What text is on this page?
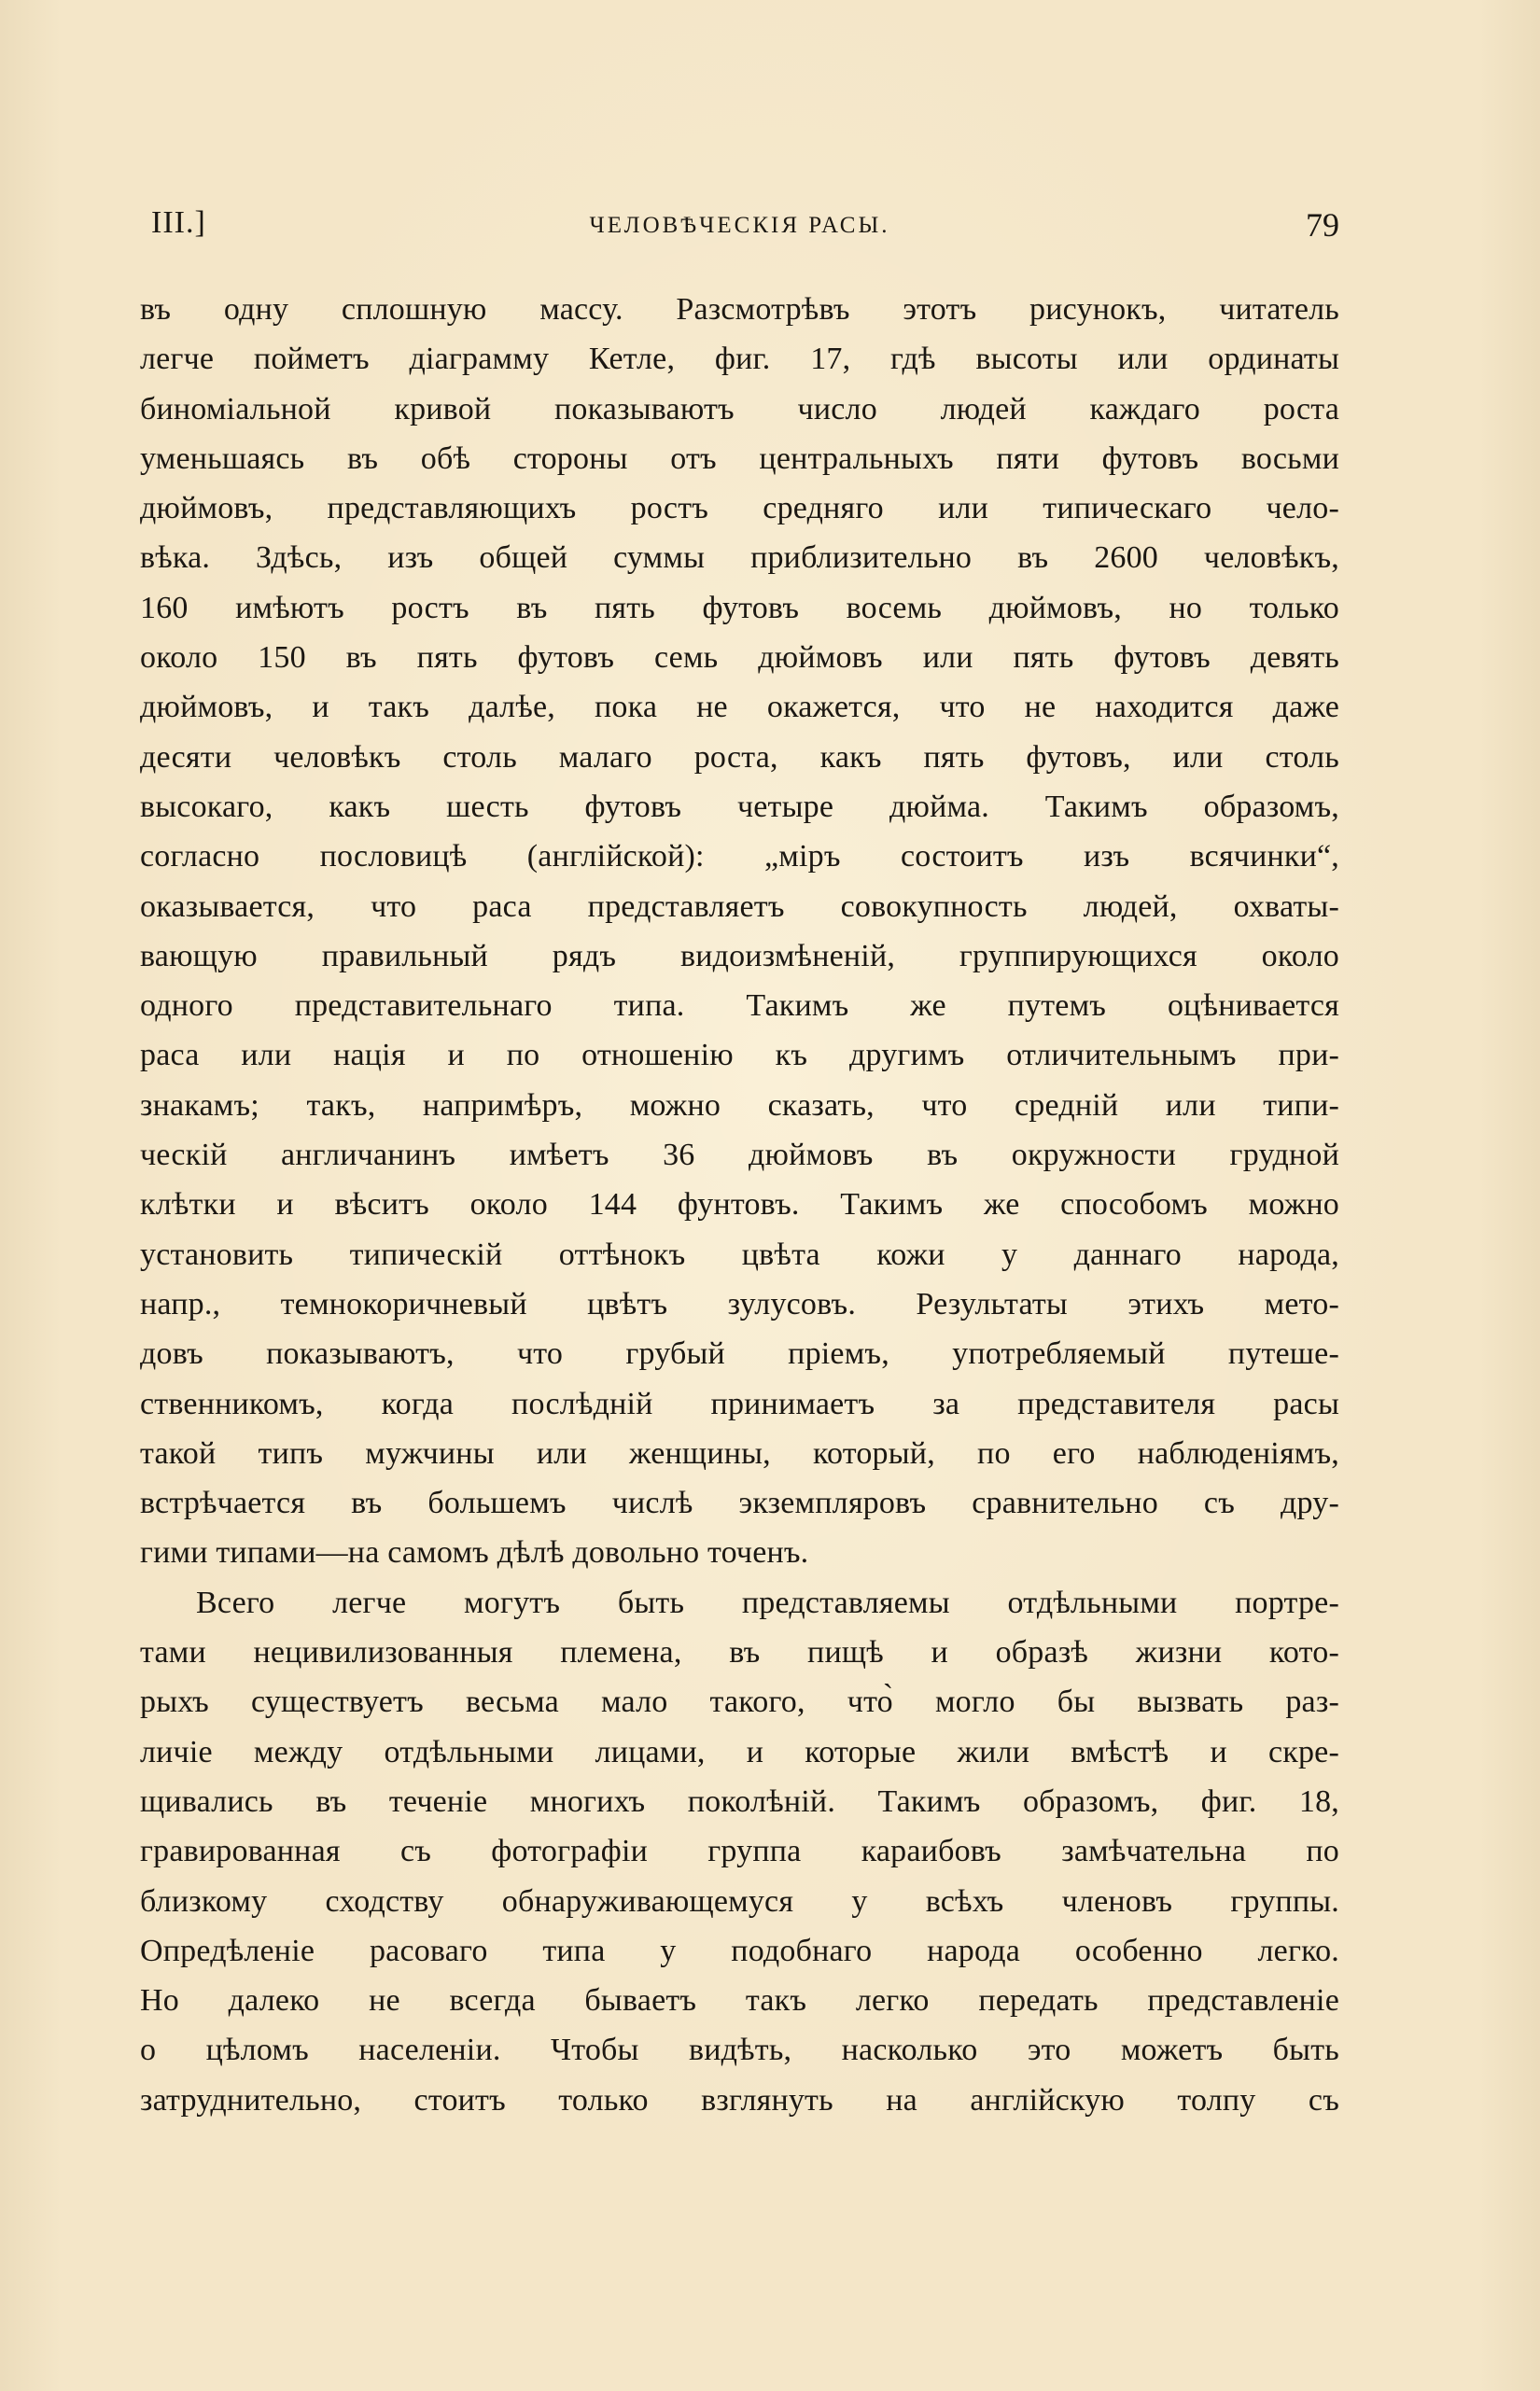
III.]	ЧЕЛОВѢЧЕСКІЯ РАСЫ.	79

въ одну сплошную массу. Разсмотрѣвъ этотъ рисунокъ, читатель
легче пойметъ діаграмму Кетле, фиг. 17, гдѣ высоты или ординаты
биноміальной кривой показываютъ число людей каждаго роста
уменьшаясь въ обѣ стороны отъ центральныхъ пяти футовъ восьми
дюймовъ, представляющихъ ростъ средняго или типическаго чело-
вѣка. Здѣсь, изъ общей суммы приблизительно въ 2600 человѣкъ,
160 имѣютъ ростъ въ пять футовъ восемь дюймовъ, но только
около 150 въ пять футовъ семь дюймовъ или пять футовъ девять
дюймовъ, и такъ далѣе, пока не окажется, что не находится даже
десяти человѣкъ столь малаго роста, какъ пять футовъ, или столь
высокаго, какъ шесть футовъ четыре дюйма. Такимъ образомъ,
согласно пословицѣ (англійской): „міръ состоитъ изъ всячинки“,
оказывается, что раса представляетъ совокупность людей, охваты-
вающую правильный рядъ видоизмѣненій, группирующихся около
одного представительнаго типа. Такимъ же путемъ оцѣнивается
раса или нація и по отношенію къ другимъ отличительнымъ при-
знакамъ; такъ, напримѣръ, можно сказать, что средній или типи-
ческій англичанинъ имѣетъ 36 дюймовъ въ окружности грудной
клѣтки и вѣситъ около 144 фунтовъ. Такимъ же способомъ можно
установить типическій оттѣнокъ цвѣта кожи у даннаго народа,
напр., темнокоричневый цвѣтъ зулусовъ. Результаты этихъ мето-
довъ показываютъ, что грубый пріемъ, употребляемый путеше-
ственникомъ, когда послѣдній принимаетъ за представителя расы
такой типъ мужчины или женщины, который, по его наблюденіямъ,
встрѣчается въ большемъ числѣ экземпляровъ сравнительно съ дру-
гими типами—на самомъ дѣлѣ довольно точенъ.

Всего легче могутъ быть представляемы отдѣльными портре-
тами нецивилизованныя племена, въ пищѣ и образѣ жизни кото-
рыхъ существуетъ весьма мало такого, что̀ могло бы вызвать раз-
личіе между отдѣльными лицами, и которые жили вмѣстѣ и скре-
щивались въ теченіе многихъ поколѣній. Такимъ образомъ, фиг. 18,
гравированная съ фотографіи группа караибовъ замѣчательна по
близкому сходству обнаруживающемуся у всѣхъ членовъ группы.
Опредѣленіе расоваго типа у подобнаго народа особенно легко.
Но далеко не всегда бываетъ такъ легко передать представленіе
о цѣломъ населеніи. Чтобы видѣть, насколько это можетъ быть
затруднительно, стоитъ только взглянуть на англійскую толпу съ
